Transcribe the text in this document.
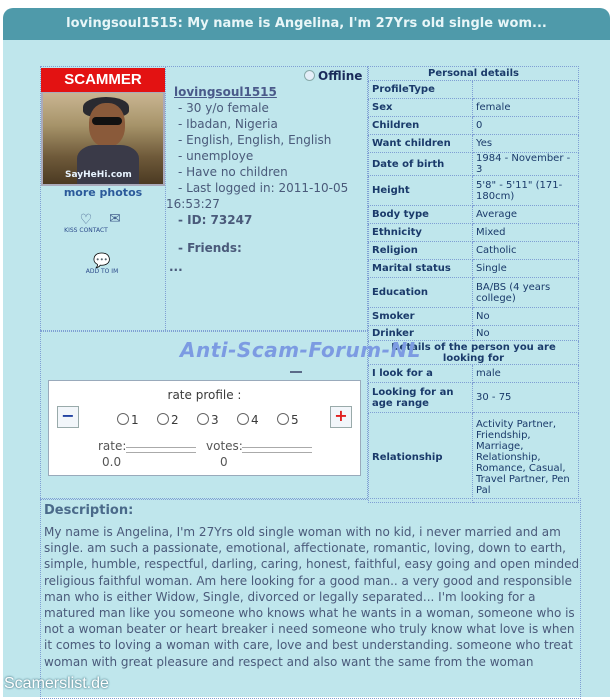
lovingsoul1515: My name is Angelina, I'm 27Yrs old single wom...
SCAMMER
SayHeHi.com
more photos
♡
KISS CONTACT
✉
💬
ADD TO IM
Offline
lovingsoul1515
- 30 y/o female
- Ibadan, Nigeria
- English, English, English
- unemploye
- Have no children
- Last logged in: 2011-10-05
16:53:27
- ID: 73247
- Friends:
...
Personal details	
ProfileType	
Sex	female
Children	0
Want children	Yes
Date of birth	1984 - November - 3
Height	5'8" - 5'11" (171-180cm)
Body type	Average
Ethnicity	Mixed
Religion	Catholic
Marital status	Single
Education	BA/BS (4 years college)
Smoker	No
Drinker	No
Details of the person you are looking for	
I look for a	male
Looking for an age range	30 - 75
Relationship	Activity Partner, Friendship, Marriage, Relationship, Romance, Casual, Travel Partner, Pen Pal
Anti-Scam-Forum-NL
rate profile :
−	+
1	2	3	4	5
rate:
0.0
votes:
0
Description:
My name is Angelina, I'm 27Yrs old single woman with no kid, i never married and am single. am such a passionate, emotional, affectionate, romantic, loving, down to earth, simple, humble, respectful, darling, caring, honest, faithful, easy going and open minded religious faithful woman. Am here looking for a good man.. a very good and responsible man who is either Widow, Single, divorced or legally separated... I'm looking for a matured man like you someone who knows what he wants in a woman, someone who is not a woman beater or heart breaker i need someone who truly know what love is when it comes to loving a woman with care, love and best understanding. someone who treat woman with great pleasure and respect and also want the same from the woman
Scamerslist.de
